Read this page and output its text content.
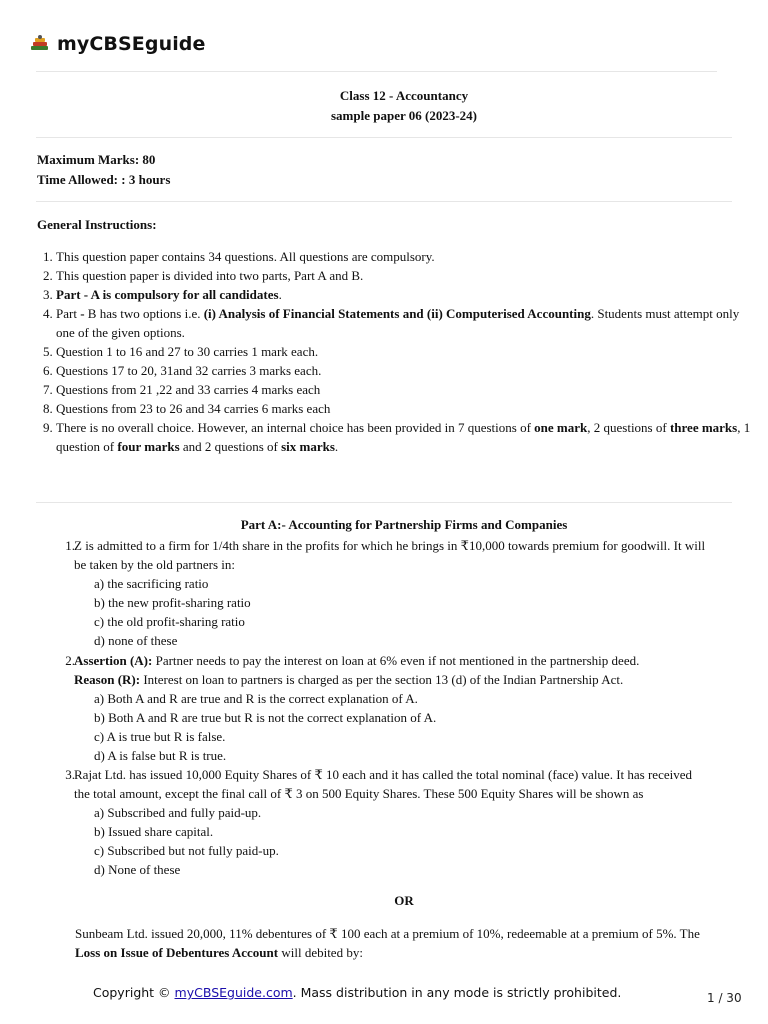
myCBSEguide
Class 12 - Accountancy
sample paper 06 (2023-24)
Maximum Marks: 80
Time Allowed: : 3 hours
General Instructions:
1. This question paper contains 34 questions. All questions are compulsory.
2. This question paper is divided into two parts, Part A and B.
3. Part - A is compulsory for all candidates.
4. Part - B has two options i.e. (i) Analysis of Financial Statements and (ii) Computerised Accounting. Students must attempt only one of the given options.
5. Question 1 to 16 and 27 to 30 carries 1 mark each.
6. Questions 17 to 20, 31and 32 carries 3 marks each.
7. Questions from 21 ,22 and 33 carries 4 marks each
8. Questions from 23 to 26 and 34 carries 6 marks each
9. There is no overall choice. However, an internal choice has been provided in 7 questions of one mark, 2 questions of three marks, 1 question of four marks and 2 questions of six marks.
Part A:- Accounting for Partnership Firms and Companies
1. Z is admitted to a firm for 1/4th share in the profits for which he brings in ₹10,000 towards premium for goodwill. It will
be taken by the old partners in:
a) the sacrificing ratio
b) the new profit-sharing ratio
c) the old profit-sharing ratio
d) none of these
2. Assertion (A): Partner needs to pay the interest on loan at 6% even if not mentioned in the partnership deed.
Reason (R): Interest on loan to partners is charged as per the section 13 (d) of the Indian Partnership Act.
a) Both A and R are true and R is the correct explanation of A.
b) Both A and R are true but R is not the correct explanation of A.
c) A is true but R is false.
d) A is false but R is true.
3. Rajat Ltd. has issued 10,000 Equity Shares of ₹ 10 each and it has called the total nominal (face) value. It has received
the total amount, except the final call of ₹ 3 on 500 Equity Shares. These 500 Equity Shares will be shown as
a) Subscribed and fully paid-up.
b) Issued share capital.
c) Subscribed but not fully paid-up.
d) None of these
OR
Sunbeam Ltd. issued 20,000, 11% debentures of ₹ 100 each at a premium of 10%, redeemable at a premium of 5%. The
Loss on Issue of Debentures Account will debited by:
Copyright © myCBSEguide.com. Mass distribution in any mode is strictly prohibited.	1 / 30
